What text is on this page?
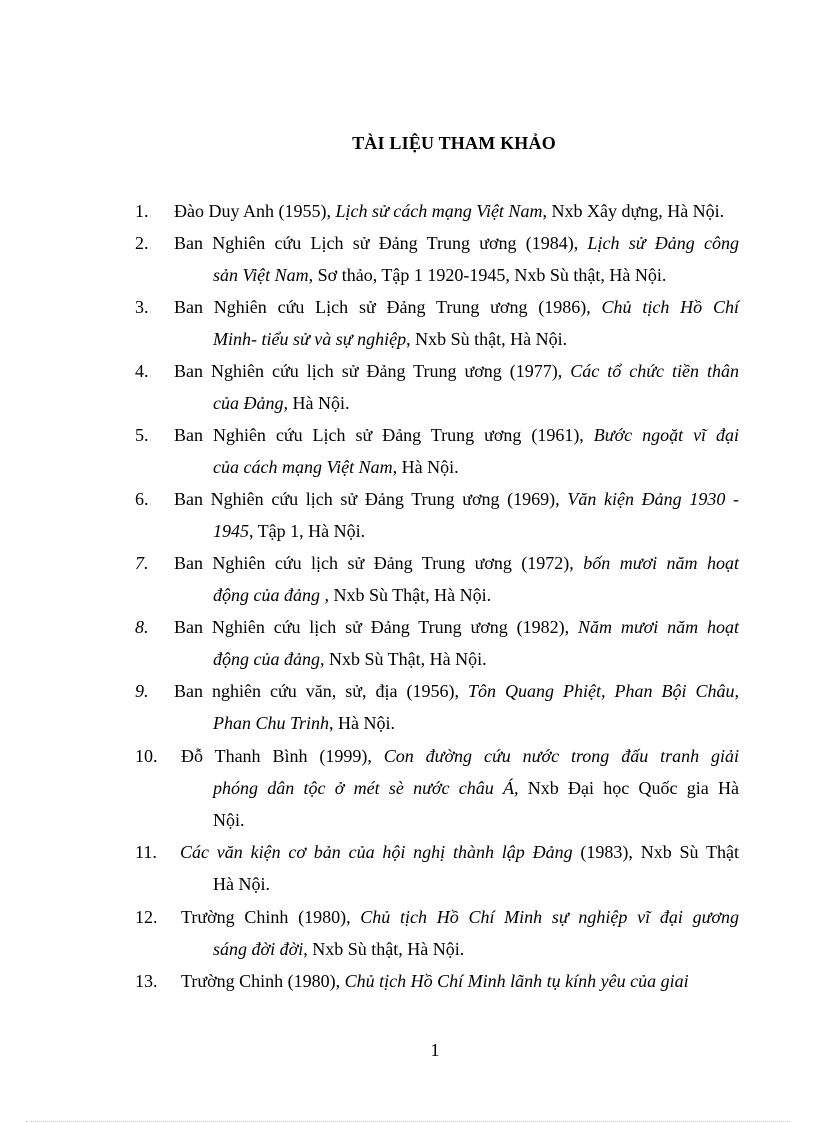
TÀI LIỆU THAM KHẢO
1. Đào Duy Anh (1955), Lịch sử cách mạng Việt Nam, Nxb Xây dựng, Hà Nội.
2. Ban Nghiên cứu Lịch sử Đảng Trung ương (1984), Lịch sử Đảng công
sản Việt Nam, Sơ thảo, Tập 1 1920-1945, Nxb Sù thật, Hà Nội.
3. Ban Nghiên cứu Lịch sử Đảng Trung ương (1986), Chủ tịch Hồ Chí
Minh- tiểu sử và sự nghiệp, Nxb Sù thật, Hà Nội.
4. Ban Nghiên cứu lịch sử Đảng Trung ương (1977), Các tổ chức tiền thân
của Đảng, Hà Nội.
5. Ban Nghiên cứu Lịch sử Đảng Trung ương (1961), Bước ngoặt vĩ đại
của cách mạng Việt Nam, Hà Nội.
6. Ban Nghiên cứu lịch sử Đảng Trung ương (1969), Văn kiện Đảng 1930 -
1945, Tập 1, Hà Nội.
7. Ban Nghiên cứu lịch sử Đảng Trung ương (1972), bốn mươi năm hoạt
động của đảng , Nxb Sù Thật, Hà Nội.
8. Ban Nghiên cứu lịch sử Đảng Trung ương (1982), Năm mươi năm hoạt
động của đảng, Nxb Sù Thật, Hà Nội.
9. Ban nghiên cứu văn, sử, địa (1956), Tôn Quang Phiệt, Phan Bội Châu,
Phan Chu Trinh, Hà Nội.
10. Đỗ Thanh Bình (1999), Con đường cứu nước trong đấu tranh giải
phóng dân tộc ở mét sè nước châu Á, Nxb Đại học Quốc gia Hà
Nội.
11. Các văn kiện cơ bản của hội nghị thành lập Đảng (1983), Nxb Sù Thật
Hà Nội.
12. Trường Chinh (1980), Chủ tịch Hồ Chí Minh sự nghiệp vĩ đại gương
sáng đời đời, Nxb Sù thật, Hà Nội.
13. Trường Chinh (1980), Chủ tịch Hồ Chí Minh lãnh tụ kính yêu của giai
1
